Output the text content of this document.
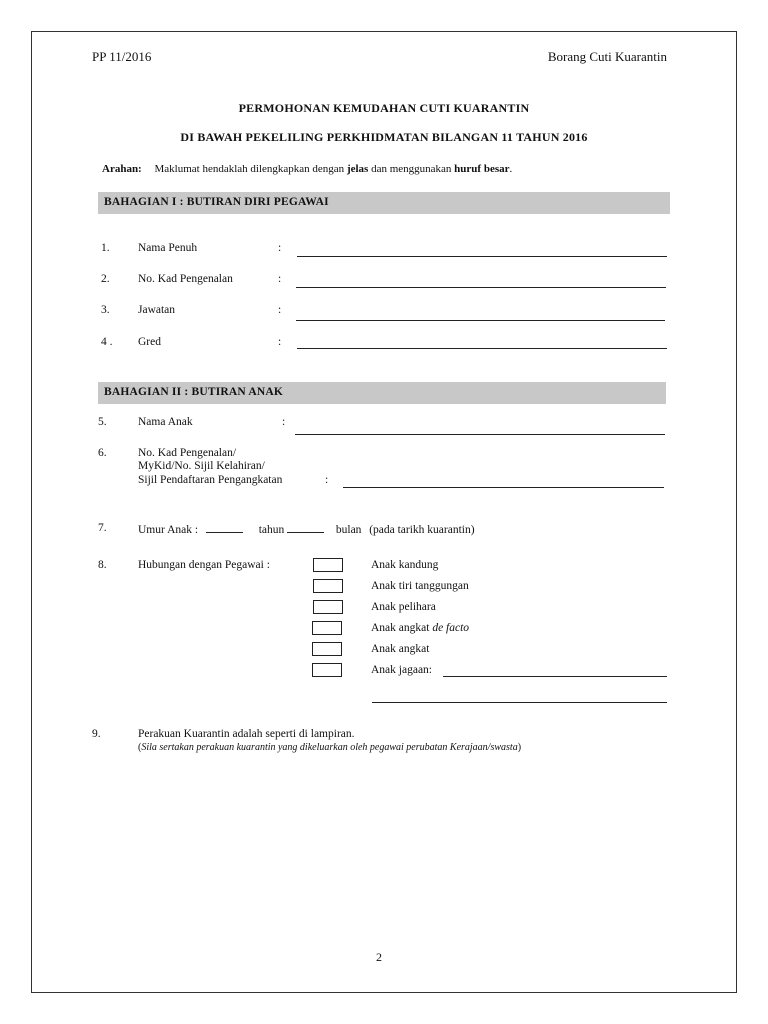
PP 11/2016	Borang Cuti Kuarantin
PERMOHONAN KEMUDAHAN CUTI KUARANTIN
DI BAWAH PEKELILING PERKHIDMATAN BILANGAN 11 TAHUN 2016
Arahan: Maklumat hendaklah dilengkapkan dengan jelas dan menggunakan huruf besar.
BAHAGIAN I : BUTIRAN DIRI PEGAWAI
1. Nama Penuh	:
2. No. Kad Pengenalan	:
3. Jawatan	:
4 . Gred	:
BAHAGIAN II : BUTIRAN ANAK
5.	Nama Anak	:
6.	No. Kad Pengenalan/
MyKid/No. Sijil Kelahiran/
Sijil Pendaftaran Pengangkatan	:
7.	Umur Anak :	tahun	bulan (pada tarikh kuarantin)
8.	Hubungan dengan Pegawai :	Anak kandung
Anak tiri tanggungan
Anak pelihara
Anak angkat de facto
Anak angkat
Anak jagaan:
9.	Perakuan Kuarantin adalah seperti di lampiran.
(Sila sertakan perakuan kuarantin yang dikeluarkan oleh pegawai perubatan Kerajaan/swasta)
2
